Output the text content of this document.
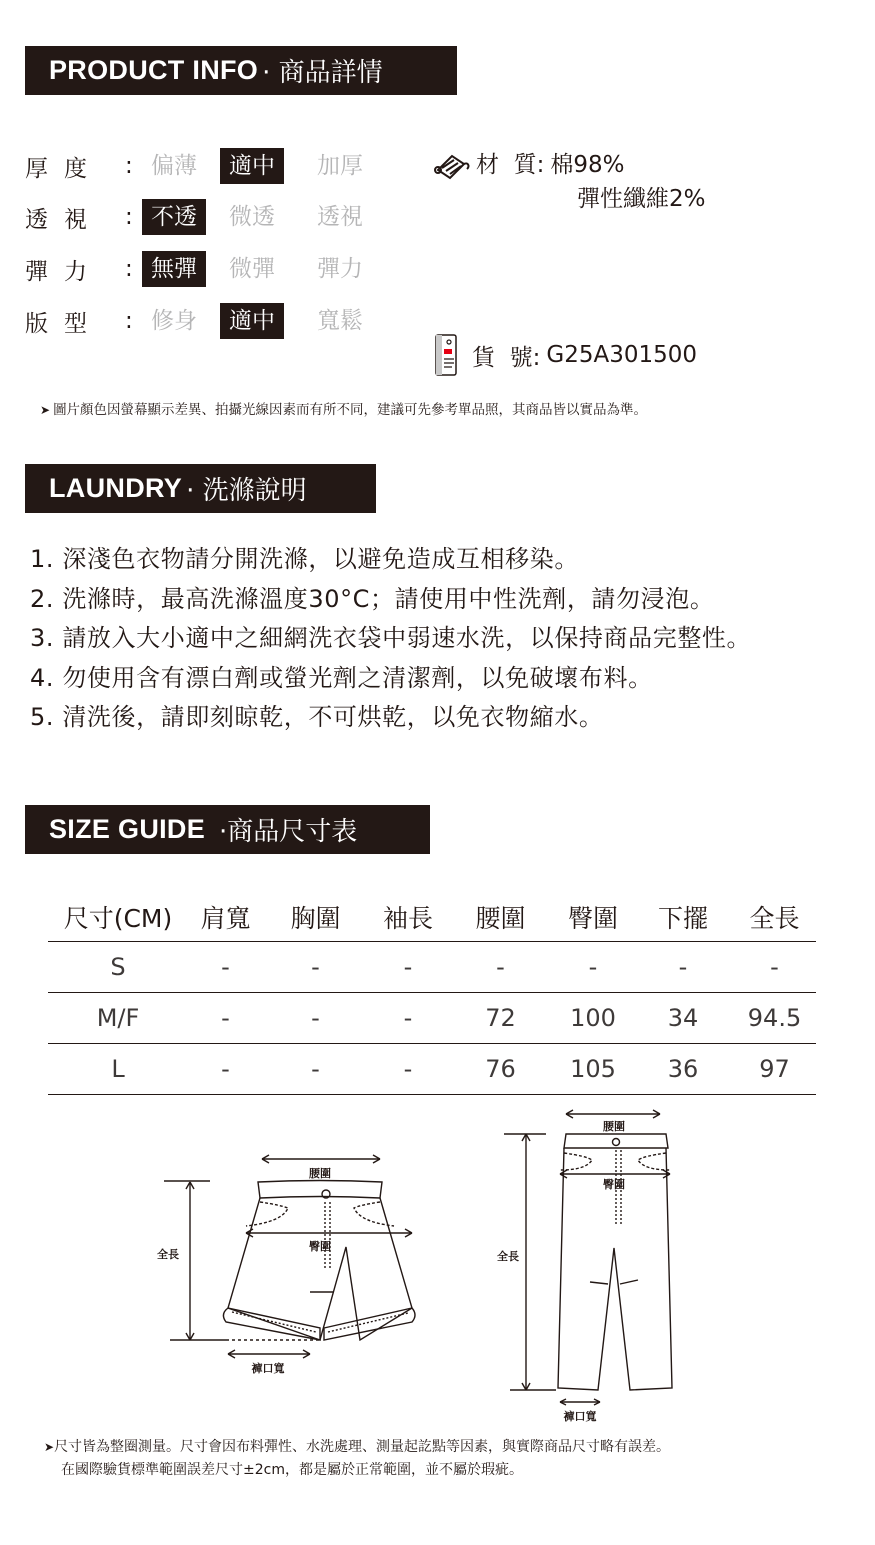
PRODUCT INFO · 商品詳情
厚度 : 偏薄	適中	加厚
透視 : 不透	微透	透視
彈力 : 無彈	微彈	彈力
版型 : 修身	適中	寬鬆
材  質: 棉98%
彈性纖維2%
貨  號: G25A301500
➤ 圖片顏色因螢幕顯示差異、拍攝光線因素而有所不同，建議可先參考單品照，其商品皆以實品為準。
LAUNDRY · 洗滌說明
1. 深淺色衣物請分開洗滌，以避免造成互相移染。
2. 洗滌時，最高洗滌溫度30°C；請使用中性洗劑，請勿浸泡。
3. 請放入大小適中之細網洗衣袋中弱速水洗，以保持商品完整性。
4. 勿使用含有漂白劑或螢光劑之清潔劑，以免破壞布料。
5. 清洗後，請即刻晾乾，不可烘乾，以免衣物縮水。
SIZE GUIDE ·商品尺寸表
尺寸(CM)	肩寬	胸圍	袖長	腰圍	臀圍	下擺	全長
S	-	-	-	-	-	-	-
M/F	-	-	-	72	100	34	94.5
L	-	-	-	76	105	36	97
腰圍
臀圍
全長
褲口寬
腰圍
臀圍
全長
褲口寬
➤尺寸皆為整圈測量。尺寸會因布料彈性、水洗處理、測量起訖點等因素，與實際商品尺寸略有誤差。
在國際驗貨標準範圍誤差尺寸±2cm，都是屬於正常範圍，並不屬於瑕疵。
